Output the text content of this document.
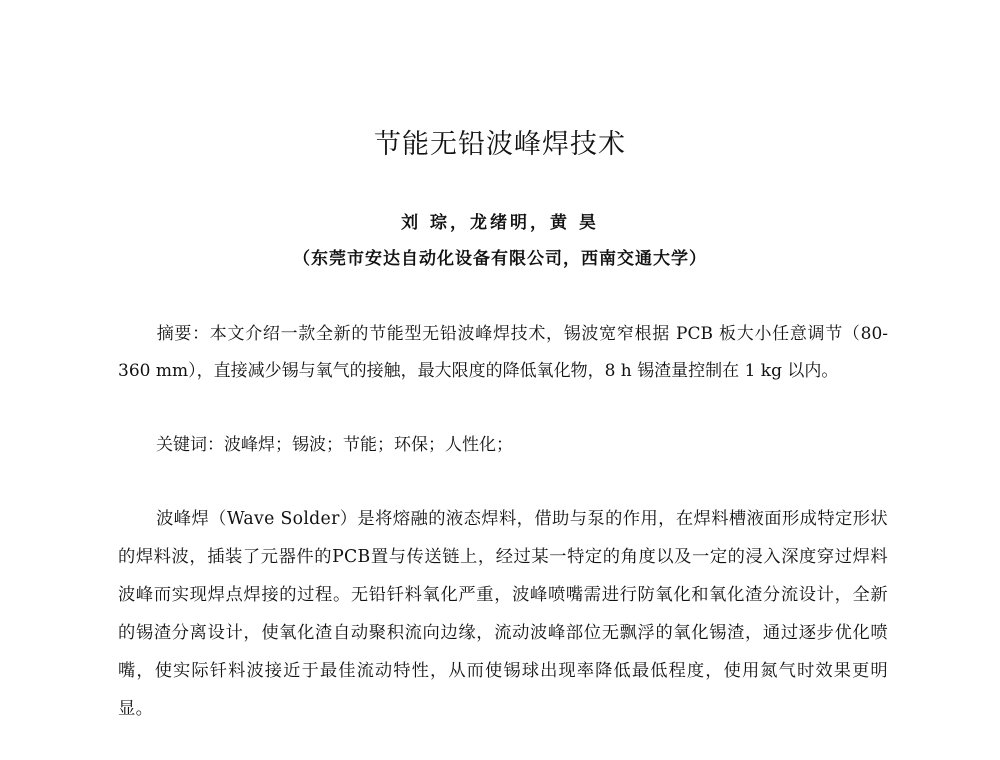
节能无铅波峰焊技术
刘 琮，龙绪明，黄 昊
（东莞市安达自动化设备有限公司，西南交通大学）
摘要：本文介绍一款全新的节能型无铅波峰焊技术，锡波宽窄根据 PCB 板大小任意调节（80-360 mm），直接减少锡与氧气的接触，最大限度的降低氧化物，8 h 锡渣量控制在 1 kg 以内。
关键词：波峰焊；锡波；节能；环保；人性化；
波峰焊（Wave Solder）是将熔融的液态焊料，借助与泵的作用，在焊料槽液面形成特定形状的焊料波，插装了元器件的PCB置与传送链上，经过某一特定的角度以及一定的浸入深度穿过焊料波峰而实现焊点焊接的过程。无铅钎料氧化严重，波峰喷嘴需进行防氧化和氧化渣分流设计，全新的锡渣分离设计，使氧化渣自动聚积流向边缘，流动波峰部位无飘浮的氧化锡渣，通过逐步优化喷嘴，使实际钎料波接近于最佳流动特性，从而使锡球出现率降低最低程度，使用氮气时效果更明显。
